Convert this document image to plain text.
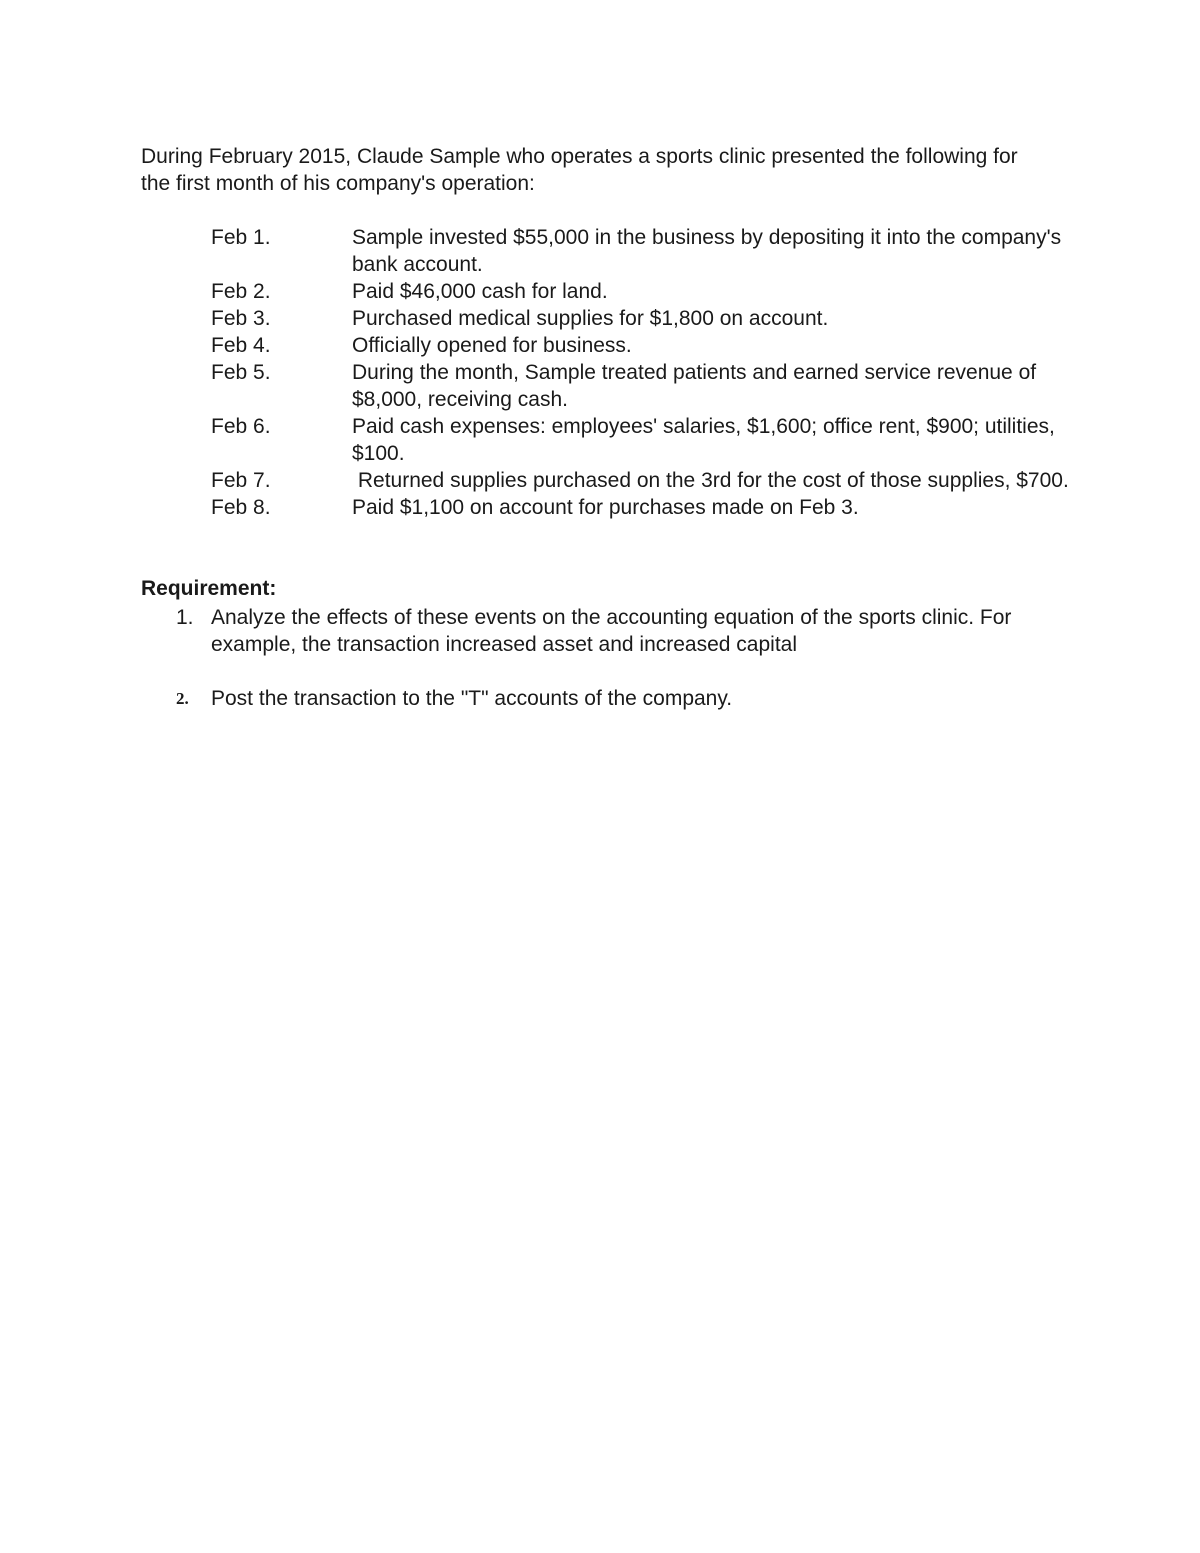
During February 2015, Claude Sample who operates a sports clinic presented the following for the first month of his company's operation:

Feb 1.	Sample invested $55,000 in the business by depositing it into the company's bank account.
Feb 2.	Paid $46,000 cash for land.
Feb 3.	Purchased medical supplies for $1,800 on account.
Feb 4.	Officially opened for business.
Feb 5.	During the month, Sample treated patients and earned service revenue of $8,000, receiving cash.
Feb 6.	Paid cash expenses: employees' salaries, $1,600; office rent, $900; utilities, $100.
Feb 7.	Returned supplies purchased on the 3rd for the cost of those supplies, $700.
Feb 8.	Paid $1,100 on account for purchases made on Feb 3.

Requirement:

1. Analyze the effects of these events on the accounting equation of the sports clinic. For example, the transaction increased asset and increased capital
2.	Post the transaction to the "T" accounts of the company.
